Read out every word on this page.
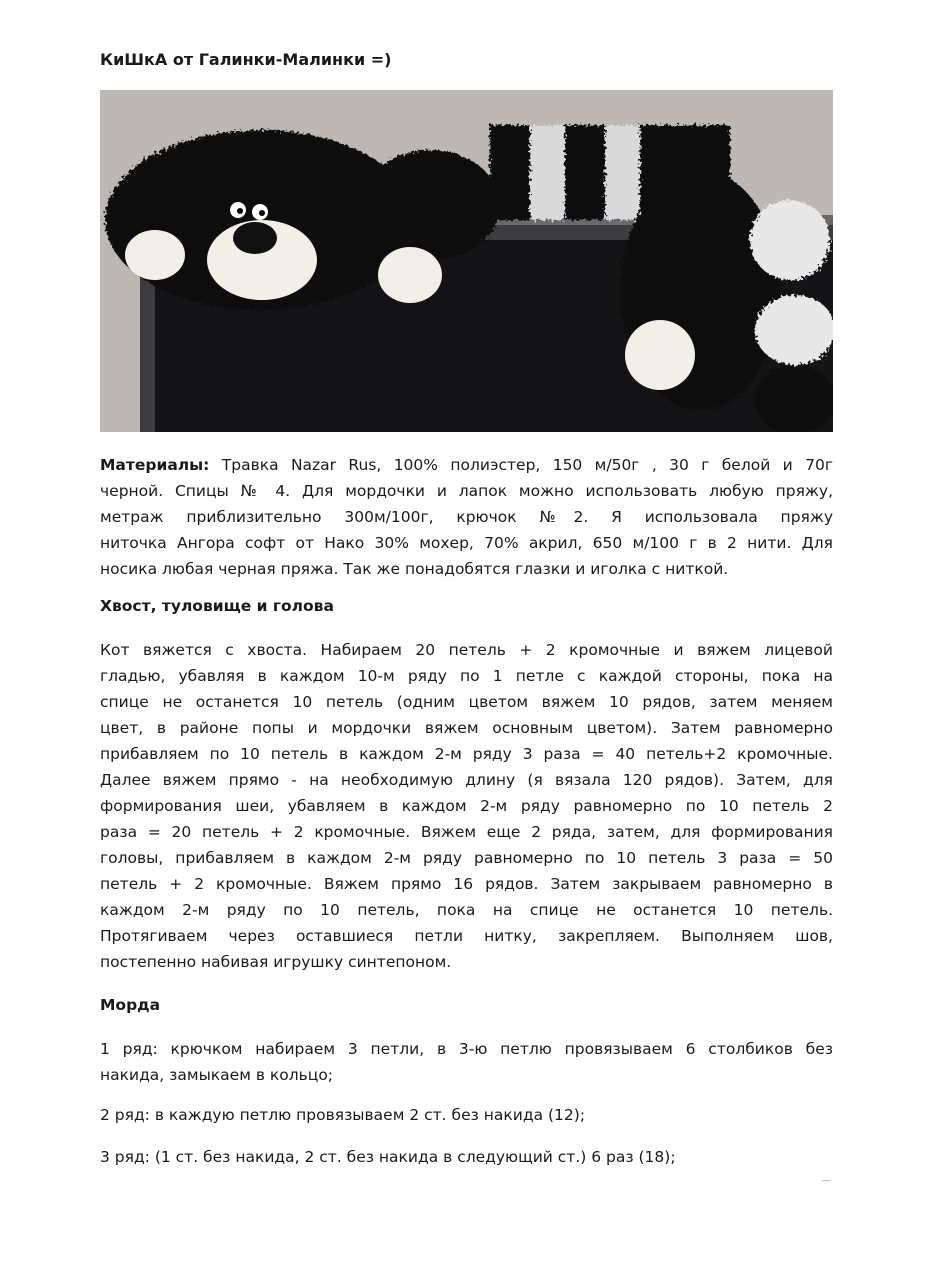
КиШкА от Галинки-Малинки =)
Материалы: Травка Nazar Rus, 100% полиэстер, 150 м/50г , 30 г белой и 70г
черной. Спицы № 4. Для мордочки и лапок можно использовать любую пряжу,
метраж приблизительно 300м/100г, крючок №2. Я использовала пряжу
ниточка Ангора софт от Нако 30% мохер, 70% акрил, 650 м/100 г в 2 нити. Для
носика любая черная пряжа. Так же понадобятся глазки и иголка с ниткой.
Хвост, туловище и голова
Кот вяжется с хвоста. Набираем 20 петель + 2 кромочные и вяжем лицевой
гладью, убавляя в каждом 10-м ряду по 1 петле с каждой стороны, пока на
спице не останется 10 петель (одним цветом вяжем 10 рядов, затем меняем
цвет, в районе попы и мордочки вяжем основным цветом). Затем равномерно
прибавляем по 10 петель в каждом 2-м ряду 3 раза = 40 петель+2 кромочные.
Далее вяжем прямо - на необходимую длину (я вязала 120 рядов). Затем, для
формирования шеи, убавляем в каждом 2-м ряду равномерно по 10 петель 2
раза = 20 петель + 2 кромочные. Вяжем еще 2 ряда, затем, для формирования
головы, прибавляем в каждом 2-м ряду равномерно по 10 петель 3 раза = 50
петель + 2 кромочные. Вяжем прямо 16 рядов. Затем закрываем равномерно в
каждом 2-м ряду по 10 петель, пока на спице не останется 10 петель.
Протягиваем через оставшиеся петли нитку, закрепляем. Выполняем шов,
постепенно набивая игрушку синтепоном.
Морда
1 ряд: крючком набираем 3 петли, в 3-ю петлю провязываем 6 столбиков без
накида, замыкаем в кольцо;
2 ряд: в каждую петлю провязываем 2 ст. без накида (12);
3 ряд: (1 ст. без накида, 2 ст. без накида в следующий ст.) 6 раз (18);
